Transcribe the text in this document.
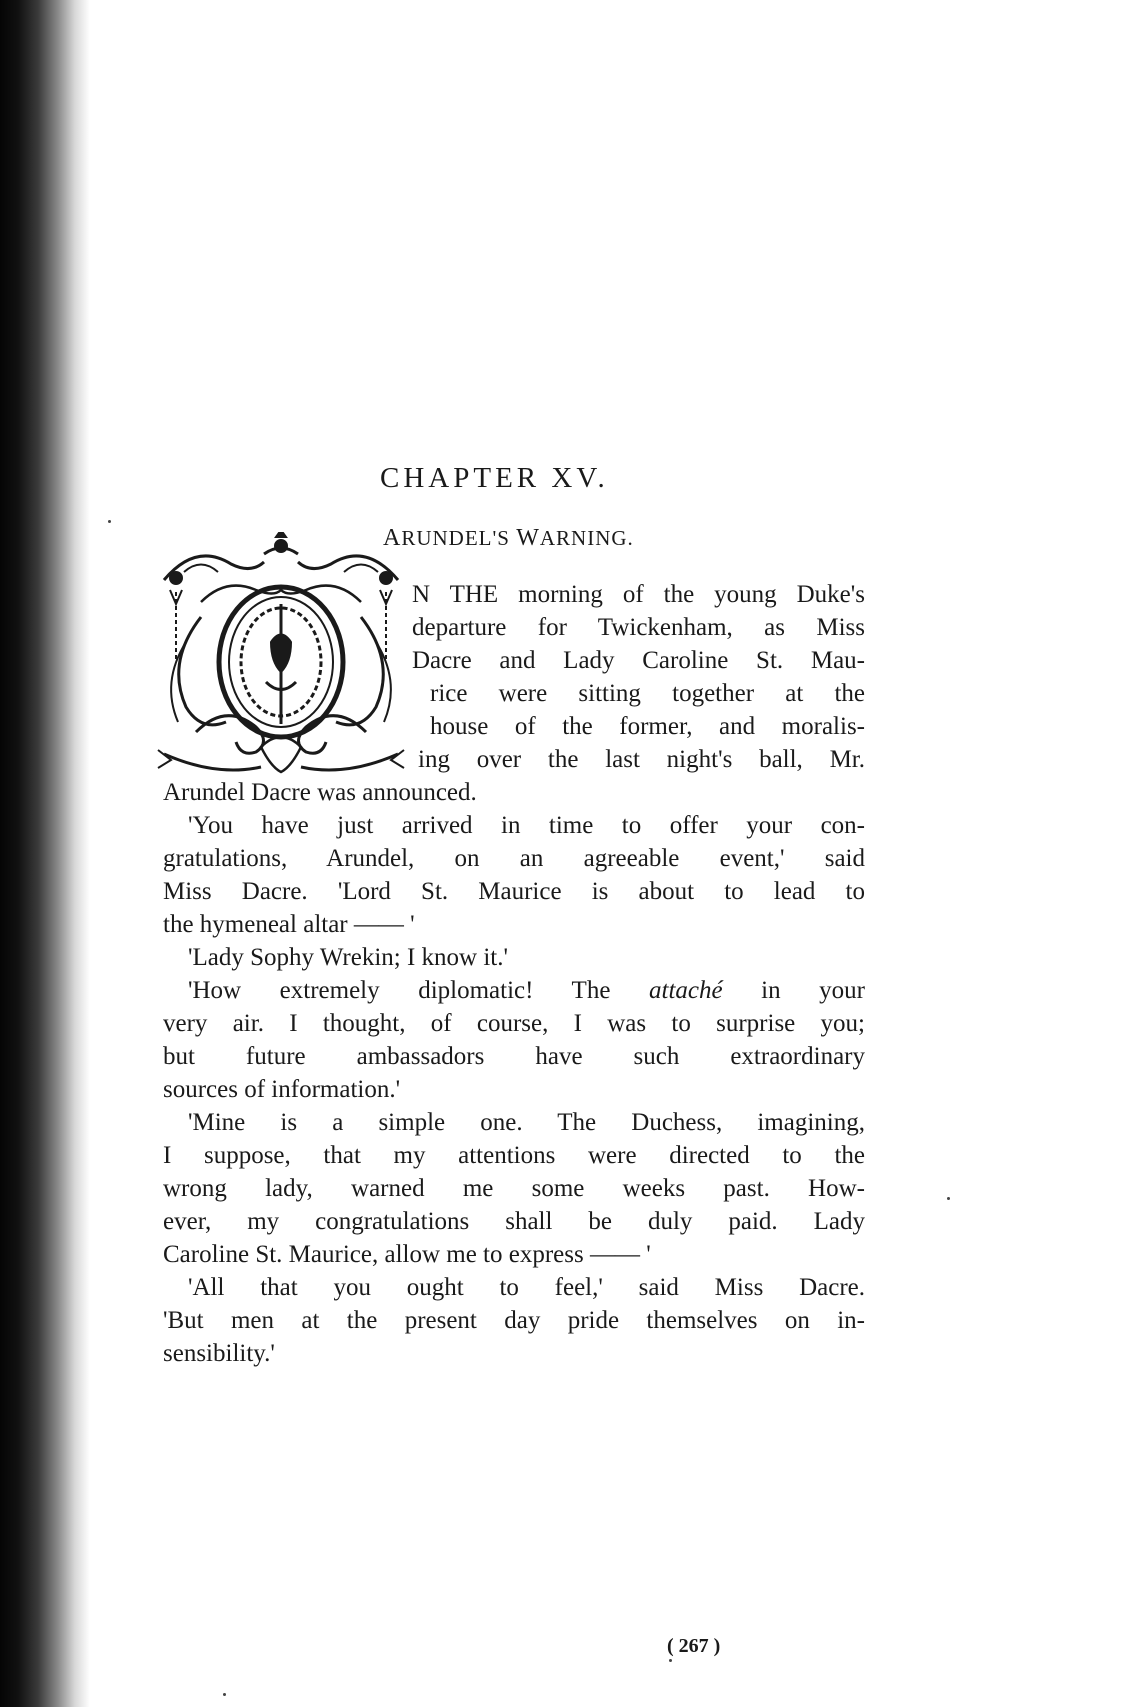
CHAPTER XV.
ARUNDEL'S WARNING.
N THE morning of the young Duke's
departure for Twickenham, as Miss
Dacre and Lady Caroline St. Mau-
rice were sitting together at the
house of the former, and moralis-
ing over the last night's ball, Mr.
Arundel Dacre was announced.
'You have just arrived in time to offer your con-
gratulations, Arundel, on an agreeable event,' said
Miss Dacre. 'Lord St. Maurice is about to lead to
the hymeneal altar —— '
'Lady Sophy Wrekin; I know it.'
'How extremely diplomatic! The attaché in your
very air. I thought, of course, I was to surprise you;
but future ambassadors have such extraordinary
sources of information.'
'Mine is a simple one. The Duchess, imagining,
I suppose, that my attentions were directed to the
wrong lady, warned me some weeks past. How-
ever, my congratulations shall be duly paid. Lady
Caroline St. Maurice, allow me to express —— '
'All that you ought to feel,' said Miss Dacre.
'But men at the present day pride themselves on in-
sensibility.'
( 267 )
